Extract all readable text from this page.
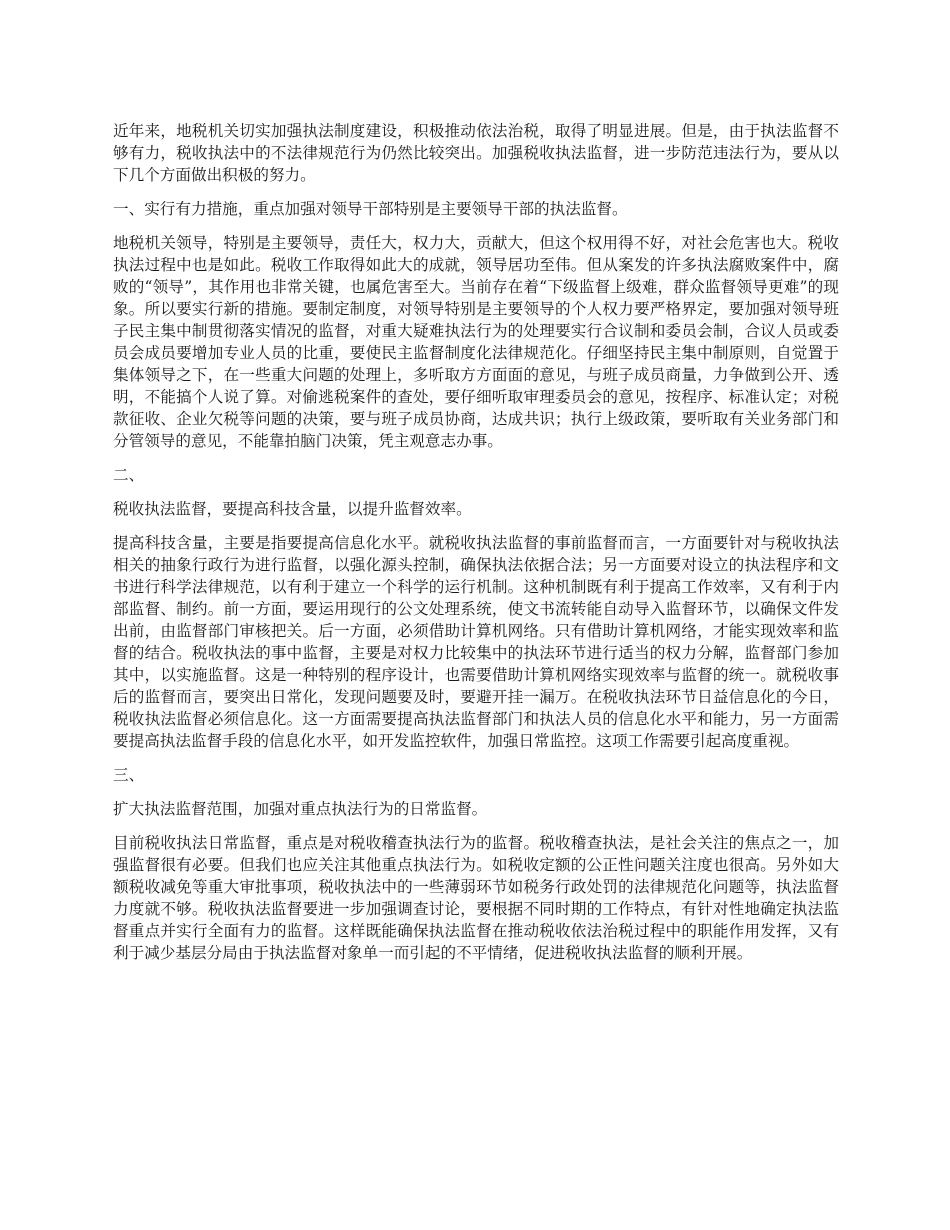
近年来，地税机关切实加强执法制度建设，积极推动依法治税，取得了明显进展。但是，由于执法监督不够有力，税收执法中的不法律规范行为仍然比较突出。加强税收执法监督，进一步防范违法行为，要从以下几个方面做出积极的努力。

一、实行有力措施，重点加强对领导干部特别是主要领导干部的执法监督。

地税机关领导，特别是主要领导，责任大，权力大，贡献大，但这个权用得不好，对社会危害也大。税收执法过程中也是如此。税收工作取得如此大的成就，领导居功至伟。但从案发的许多执法腐败案件中，腐败的“领导”，其作用也非常关键，也属危害至大。当前存在着“下级监督上级难，群众监督领导更难”的现象。所以要实行新的措施。要制定制度，对领导特别是主要领导的个人权力要严格界定，要加强对领导班子民主集中制贯彻落实情况的监督，对重大疑难执法行为的处理要实行合议制和委员会制，合议人员或委员会成员要增加专业人员的比重，要使民主监督制度化法律规范化。仔细坚持民主集中制原则，自觉置于集体领导之下，在一些重大问题的处理上，多听取方方面面的意见，与班子成员商量，力争做到公开、透明，不能搞个人说了算。对偷逃税案件的查处，要仔细听取审理委员会的意见，按程序、标准认定；对税款征收、企业欠税等问题的决策，要与班子成员协商，达成共识；执行上级政策，要听取有关业务部门和分管领导的意见，不能靠拍脑门决策，凭主观意志办事。

二、

税收执法监督，要提高科技含量，以提升监督效率。

提高科技含量，主要是指要提高信息化水平。就税收执法监督的事前监督而言，一方面要针对与税收执法相关的抽象行政行为进行监督，以强化源头控制，确保执法依据合法；另一方面要对设立的执法程序和文书进行科学法律规范，以有利于建立一个科学的运行机制。这种机制既有利于提高工作效率，又有利于内部监督、制约。前一方面，要运用现行的公文处理系统，使文书流转能自动导入监督环节，以确保文件发出前，由监督部门审核把关。后一方面，必须借助计算机网络。只有借助计算机网络，才能实现效率和监督的结合。税收执法的事中监督，主要是对权力比较集中的执法环节进行适当的权力分解，监督部门参加其中，以实施监督。这是一种特别的程序设计，也需要借助计算机网络实现效率与监督的统一。就税收事后的监督而言，要突出日常化，发现问题要及时，要避开挂一漏万。在税收执法环节日益信息化的今日，税收执法监督必须信息化。这一方面需要提高执法监督部门和执法人员的信息化水平和能力，另一方面需要提高执法监督手段的信息化水平，如开发监控软件，加强日常监控。这项工作需要引起高度重视。

三、

扩大执法监督范围，加强对重点执法行为的日常监督。

目前税收执法日常监督，重点是对税收稽查执法行为的监督。税收稽查执法，是社会关注的焦点之一，加强监督很有必要。但我们也应关注其他重点执法行为。如税收定额的公正性问题关注度也很高。另外如大额税收减免等重大审批事项，税收执法中的一些薄弱环节如税务行政处罚的法律规范化问题等，执法监督力度就不够。税收执法监督要进一步加强调查讨论，要根据不同时期的工作特点，有针对性地确定执法监督重点并实行全面有力的监督。这样既能确保执法监督在推动税收依法治税过程中的职能作用发挥，又有利于减少基层分局由于执法监督对象单一而引起的不平情绪，促进税收执法监督的顺利开展。
